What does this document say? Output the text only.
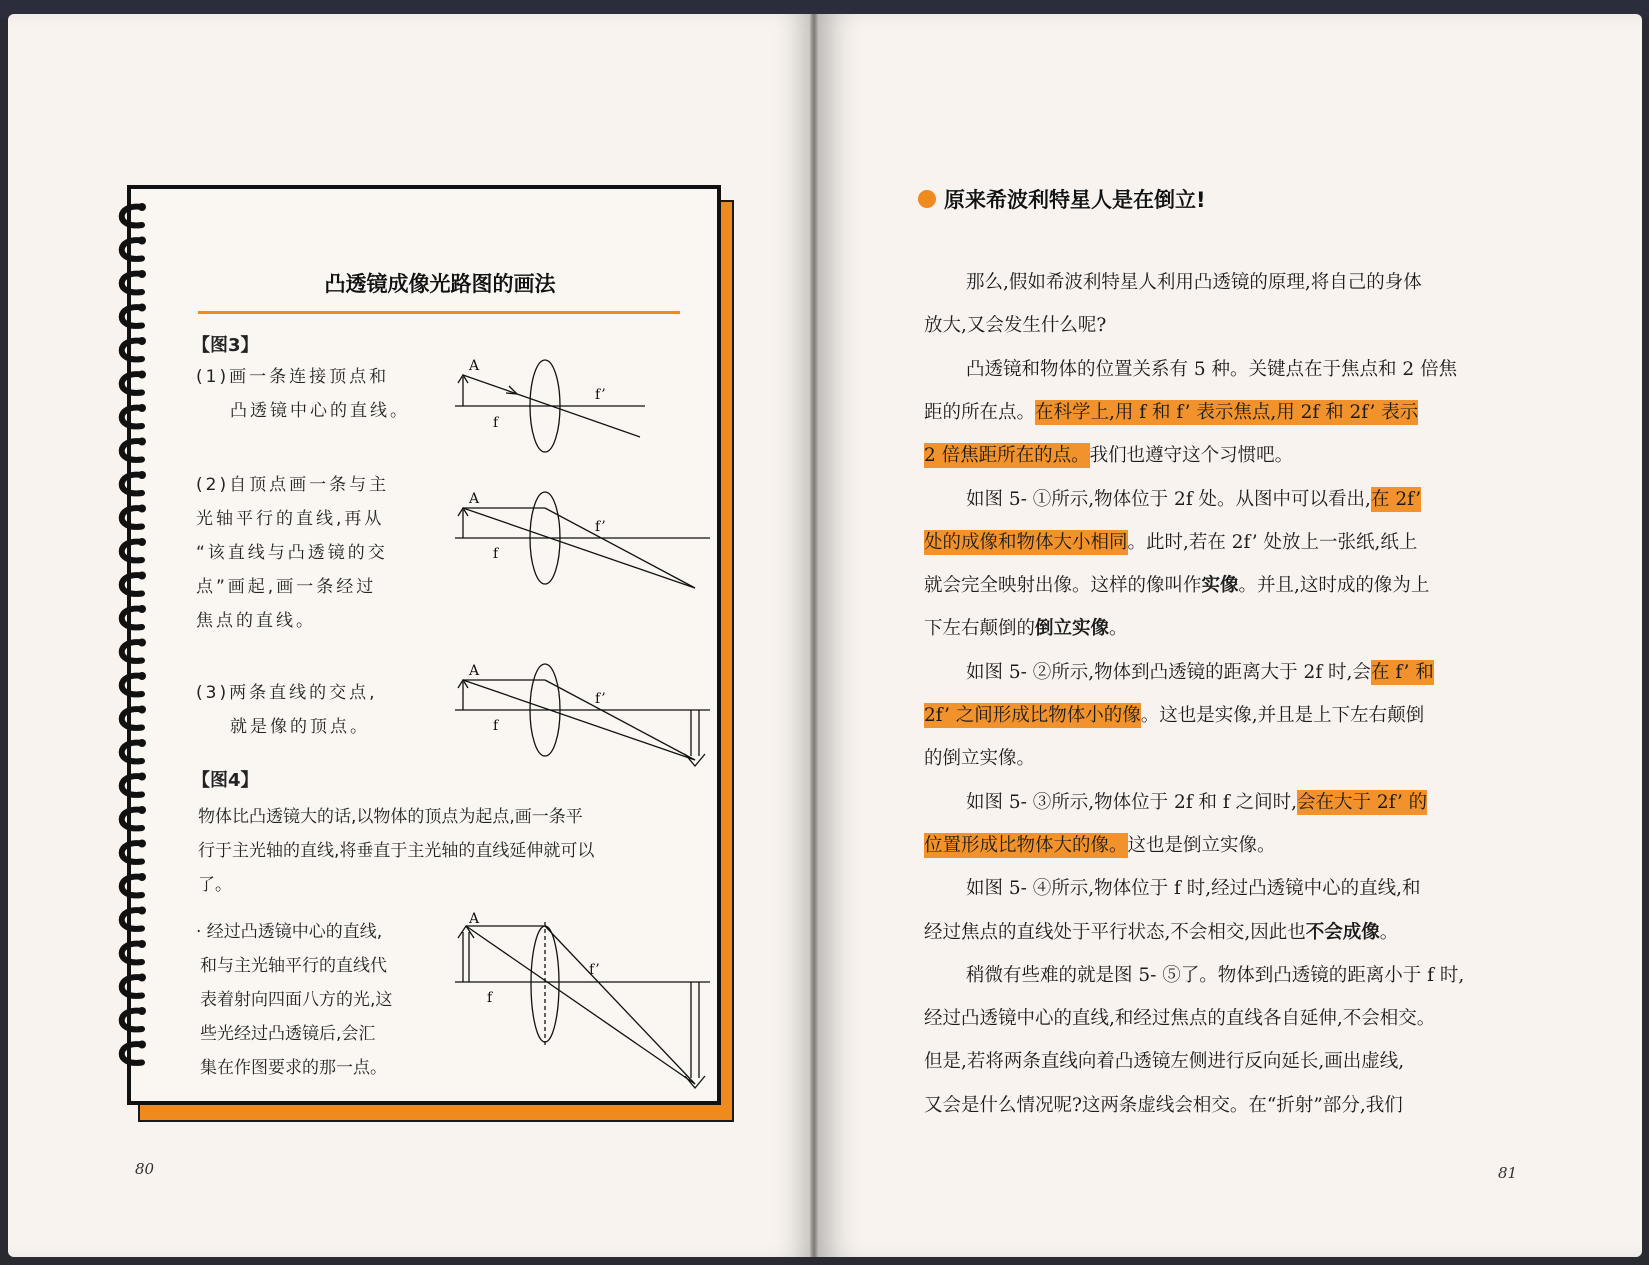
凸透镜成像光路图的画法
【图3】
(1)画一条连接顶点和
凸透镜中心的直线。
(2)自顶点画一条与主
光轴平行的直线,再从
“该直线与凸透镜的交
点”画起,画一条经过
焦点的直线。
(3)两条直线的交点,
就是像的顶点。
【图4】
物体比凸透镜大的话,以物体的顶点为起点,画一条平
行于主光轴的直线,将垂直于主光轴的直线延伸就可以
了。
· 经过凸透镜中心的直线,
和与主光轴平行的直线代
表着射向四面八方的光,这
些光经过凸透镜后,会汇
集在作图要求的那一点。
A
f
f’
A
f
f’
A
f
f’
A
f
f’
80
原来希波利特星人是在倒立!
那么,假如希波利特星人利用凸透镜的原理,将自己的身体
放大,又会发生什么呢?
凸透镜和物体的位置关系有 5 种。关键点在于焦点和 2 倍焦
距的所在点。在科学上,用 f 和 f’ 表示焦点,用 2f 和 2f’ 表示
2 倍焦距所在的点。我们也遵守这个习惯吧。
如图 5- ①所示,物体位于 2f 处。从图中可以看出,在 2f’
处的成像和物体大小相同。此时,若在 2f’ 处放上一张纸,纸上
就会完全映射出像。这样的像叫作实像。并且,这时成的像为上
下左右颠倒的倒立实像。
如图 5- ②所示,物体到凸透镜的距离大于 2f 时,会在 f’ 和
2f’ 之间形成比物体小的像。这也是实像,并且是上下左右颠倒
的倒立实像。
如图 5- ③所示,物体位于 2f 和 f 之间时,会在大于 2f’ 的
位置形成比物体大的像。这也是倒立实像。
如图 5- ④所示,物体位于 f 时,经过凸透镜中心的直线,和
经过焦点的直线处于平行状态,不会相交,因此也不会成像。
稍微有些难的就是图 5- ⑤了。物体到凸透镜的距离小于 f 时,
经过凸透镜中心的直线,和经过焦点的直线各自延伸,不会相交。
但是,若将两条直线向着凸透镜左侧进行反向延长,画出虚线,
又会是什么情况呢?这两条虚线会相交。在“折射”部分,我们
81
